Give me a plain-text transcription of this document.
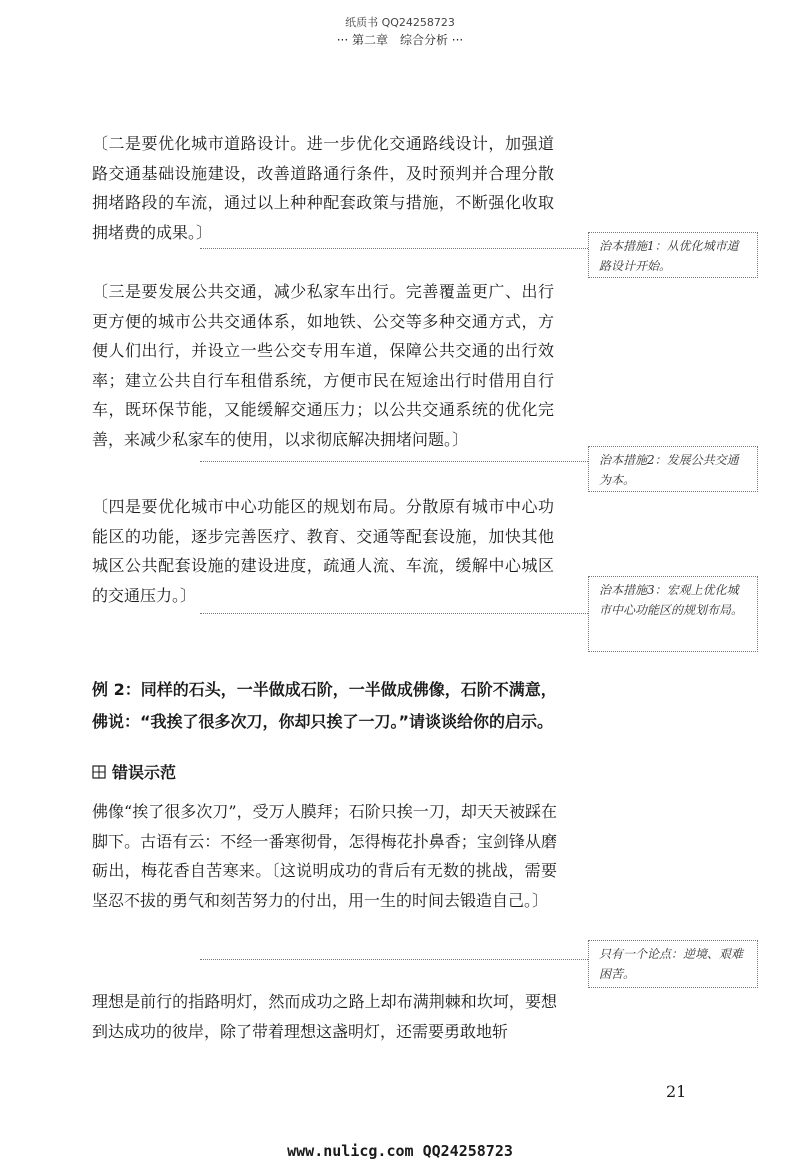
纸质书 QQ24258723
··· 第二章　综合分析 ···

〔二是要优化城市道路设计。进一步优化交通路线设计，加强道路交通基础设施建设，改善道路通行条件，及时预判并合理分散拥堵路段的车流，通过以上种种配套政策与措施，不断强化收取拥堵费的成果。〕

治本措施1：从优化城市道路设计开始。

〔三是要发展公共交通，减少私家车出行。完善覆盖更广、出行更方便的城市公共交通体系，如地铁、公交等多种交通方式，方便人们出行，并设立一些公交专用车道，保障公共交通的出行效率；建立公共自行车租借系统，方便市民在短途出行时借用自行车，既环保节能，又能缓解交通压力；以公共交通系统的优化完善，来减少私家车的使用，以求彻底解决拥堵问题。〕

治本措施2：发展公共交通为本。

〔四是要优化城市中心功能区的规划布局。分散原有城市中心功能区的功能，逐步完善医疗、教育、交通等配套设施，加快其他城区公共配套设施的建设进度，疏通人流、车流，缓解中心城区的交通压力。〕	治本措施3：宏观上优化城市中心功能区的规划布局。

例 2：同样的石头，一半做成石阶，一半做成佛像，石阶不满意，佛说：“我挨了很多次刀，你却只挨了一刀。”请谈谈给你的启示。

错误示范

佛像“挨了很多次刀”，受万人膜拜；石阶只挨一刀，却天天被踩在脚下。古语有云：不经一番寒彻骨，怎得梅花扑鼻香；宝剑锋从磨砺出，梅花香自苦寒来。〔这说明成功的背后有无数的挑战，需要坚忍不拔的勇气和刻苦努力的付出，用一生的时间去锻造自己。〕

只有一个论点：逆境、艰难困苦。

理想是前行的指路明灯，然而成功之路上却布满荆棘和坎坷，要想到达成功的彼岸，除了带着理想这盏明灯，还需要勇敢地斩

21
www.nulicg.com QQ24258723
